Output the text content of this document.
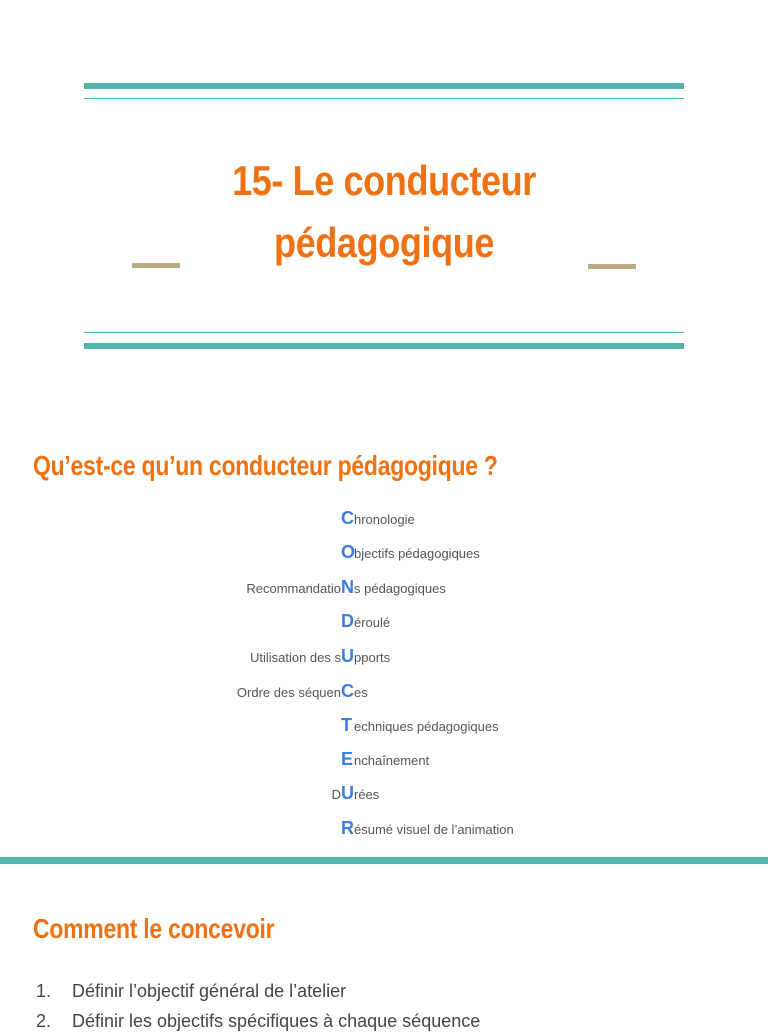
15- Le conducteur
pédagogique
Qu’est-ce qu’un conducteur pédagogique ?
C hronologie
O
bjectifs pédagogiques
Recommandatio N s pédagogiques
D éroulé
Utilisation des s U pports
Ordre des séquen C es
T echniques pédagogiques
E nchaînement
D U rées
R ésumé visuel de l’animation
Comment le concevoir
1. Définir l’objectif général de l’atelier
2. Définir les objectifs spécifiques à chaque séquence
